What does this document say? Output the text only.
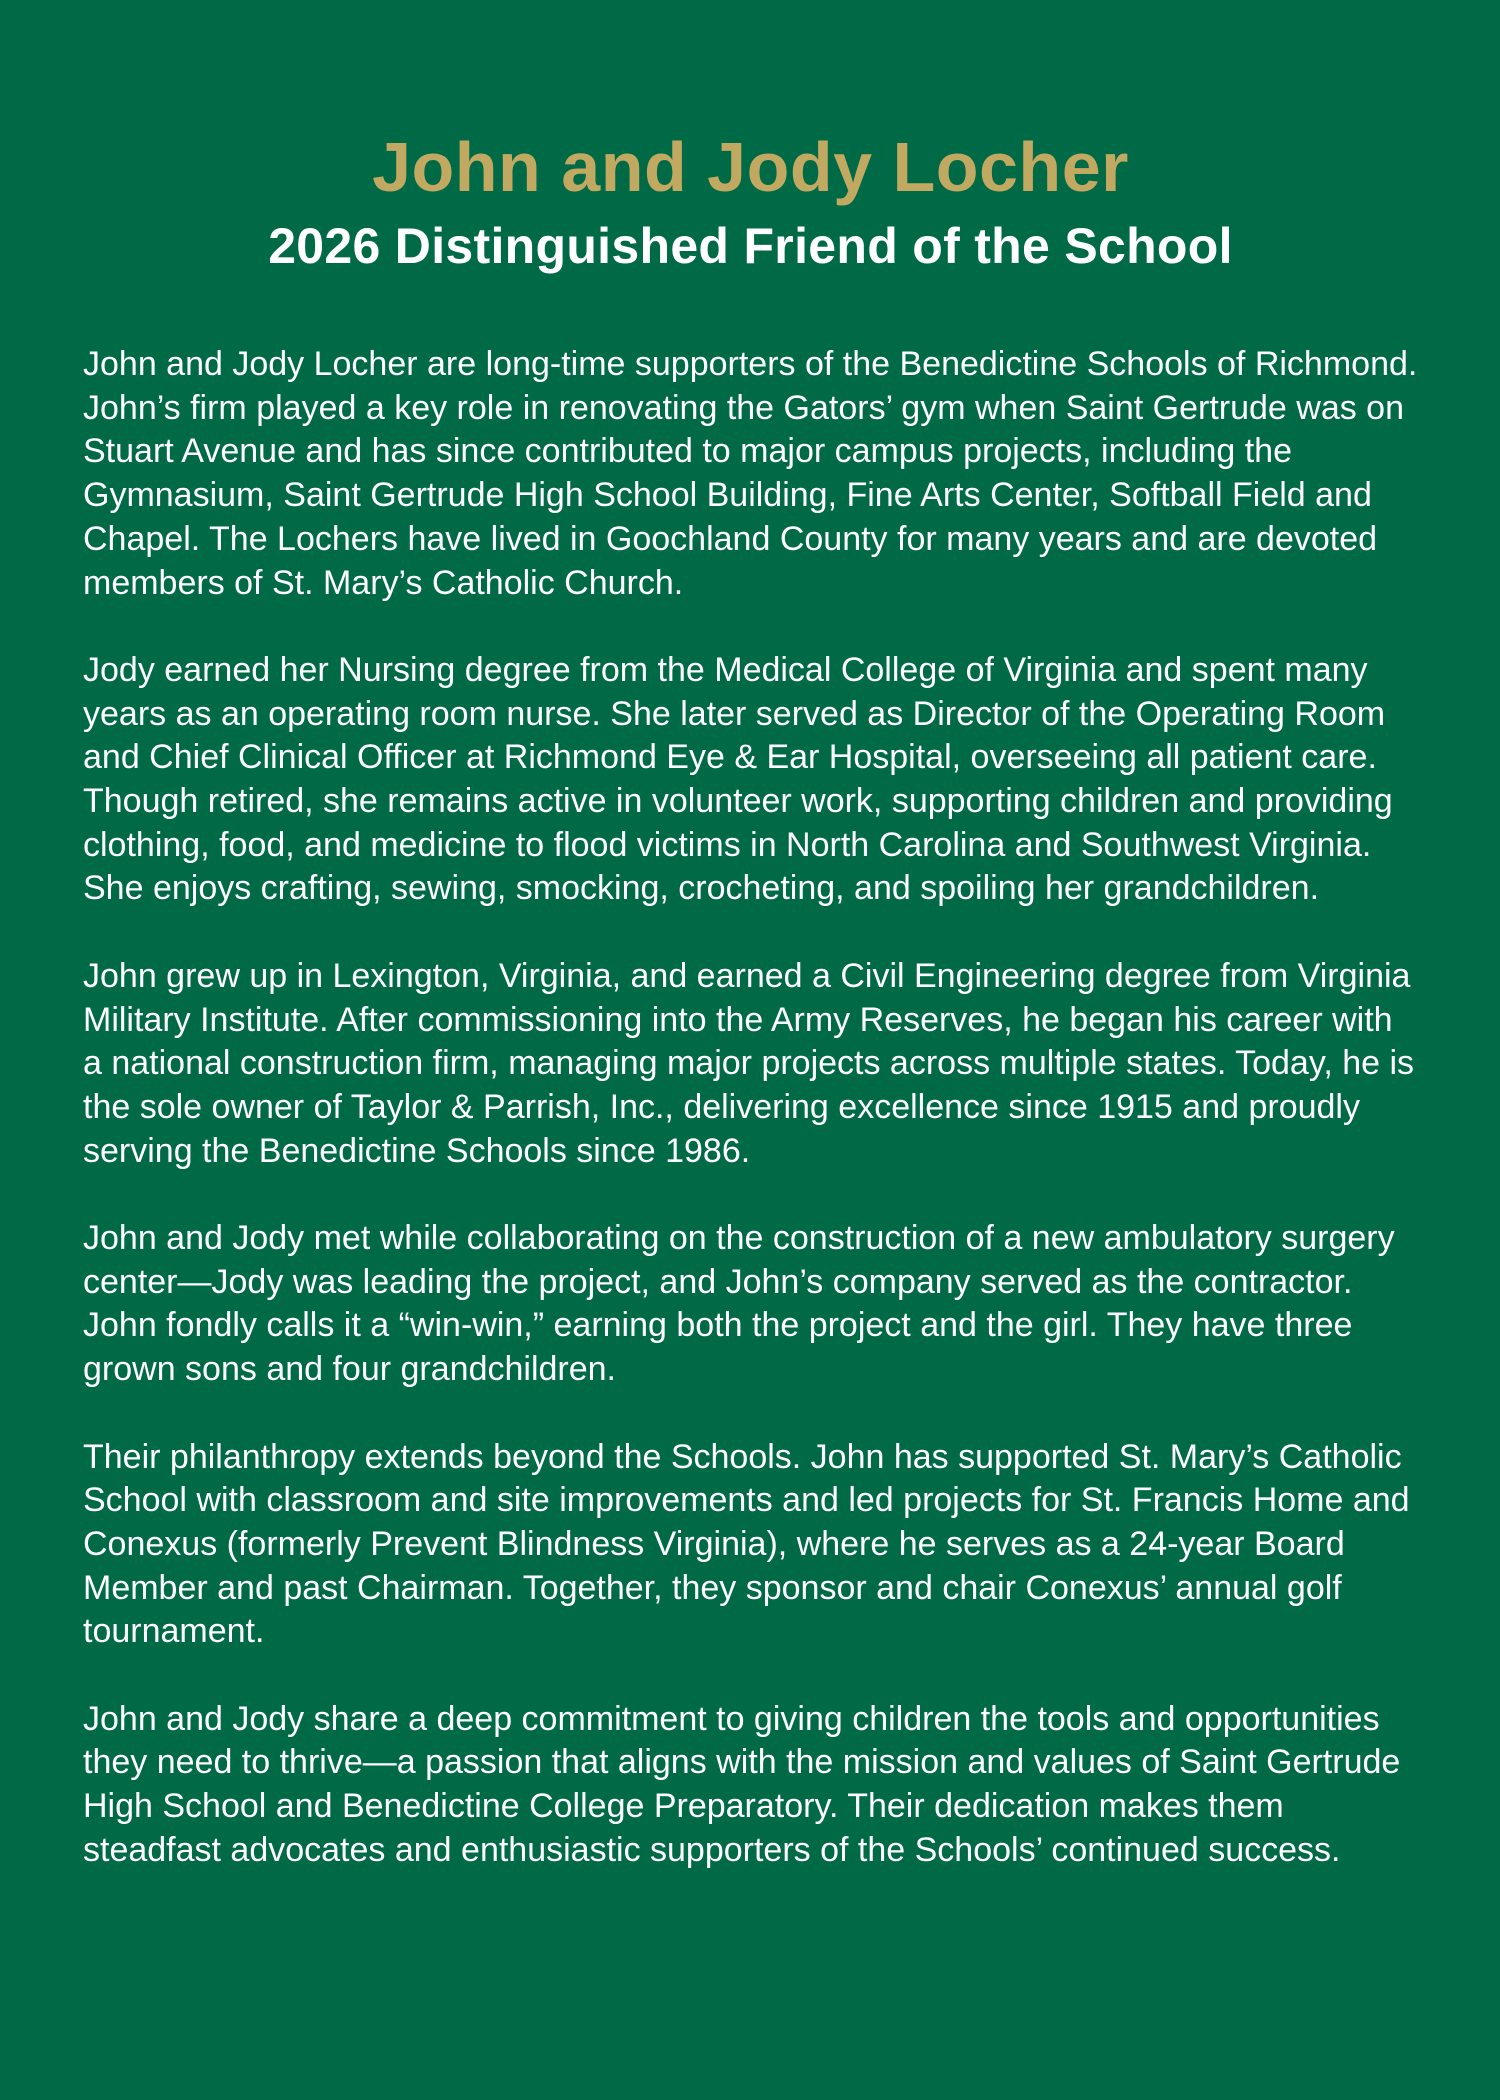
John and Jody Locher
2026 Distinguished Friend of the School

John and Jody Locher are long-time supporters of the Benedictine Schools of Richmond. John’s firm played a key role in renovating the Gators’ gym when Saint Gertrude was on Stuart Avenue and has since contributed to major campus projects, including the Gymnasium, Saint Gertrude High School Building, Fine Arts Center, Softball Field and Chapel. The Lochers have lived in Goochland County for many years and are devoted members of St. Mary’s Catholic Church.

Jody earned her Nursing degree from the Medical College of Virginia and spent many years as an operating room nurse. She later served as Director of the Operating Room and Chief Clinical Officer at Richmond Eye & Ear Hospital, overseeing all patient care. Though retired, she remains active in volunteer work, supporting children and providing clothing, food, and medicine to flood victims in North Carolina and Southwest Virginia. She enjoys crafting, sewing, smocking, crocheting, and spoiling her grandchildren.

John grew up in Lexington, Virginia, and earned a Civil Engineering degree from Virginia Military Institute. After commissioning into the Army Reserves, he began his career with a national construction firm, managing major projects across multiple states. Today, he is the sole owner of Taylor & Parrish, Inc., delivering excellence since 1915 and proudly serving the Benedictine Schools since 1986.

John and Jody met while collaborating on the construction of a new ambulatory surgery center—Jody was leading the project, and John’s company served as the contractor. John fondly calls it a “win-win,” earning both the project and the girl. They have three grown sons and four grandchildren.

Their philanthropy extends beyond the Schools. John has supported St. Mary’s Catholic School with classroom and site improvements and led projects for St. Francis Home and Conexus (formerly Prevent Blindness Virginia), where he serves as a 24-year Board Member and past Chairman. Together, they sponsor and chair Conexus’ annual golf tournament.

John and Jody share a deep commitment to giving children the tools and opportunities they need to thrive—a passion that aligns with the mission and values of Saint Gertrude High School and Benedictine College Preparatory. Their dedication makes them steadfast advocates and enthusiastic supporters of the Schools’ continued success.
